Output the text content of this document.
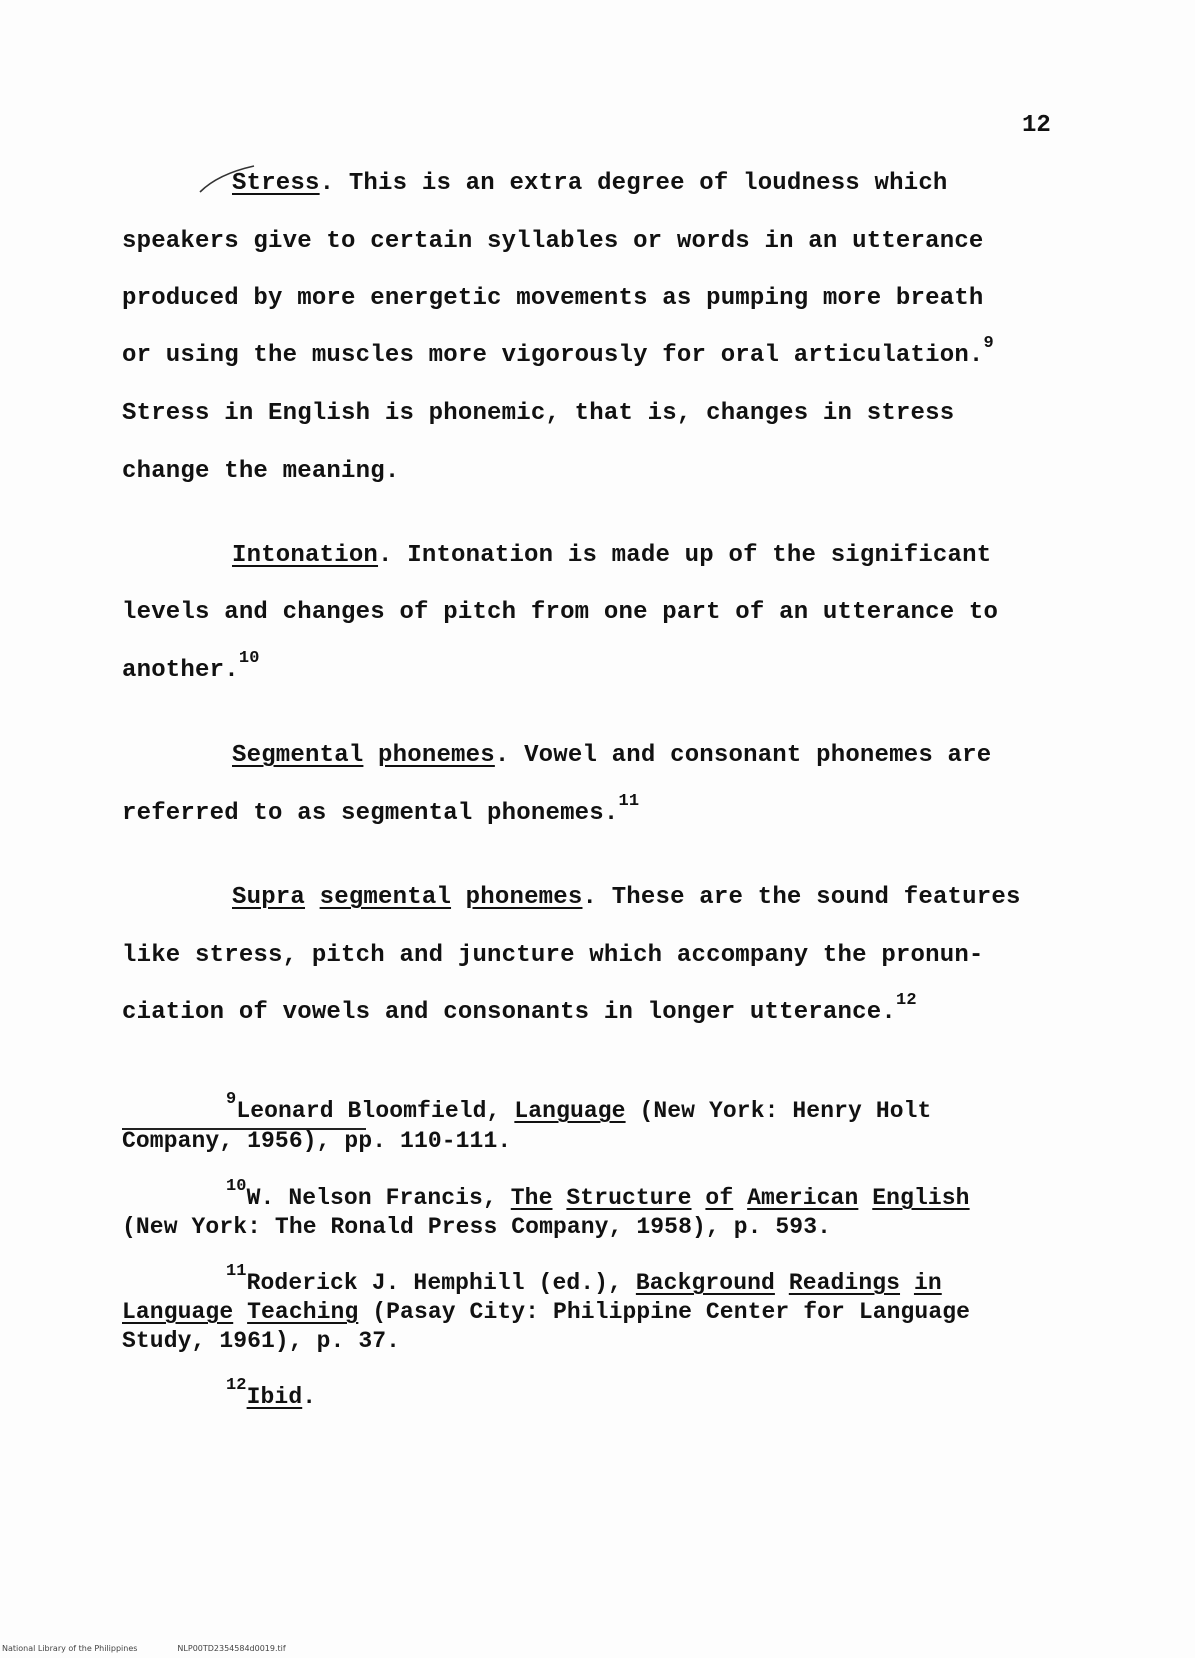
12
Stress. This is an extra degree of loudness which
speakers give to certain syllables or words in an utterance
produced by more energetic movements as pumping more breath
or using the muscles more vigorously for oral articulation.$^9$
Stress in English is phonemic, that is, changes in stress
change the meaning.
Intonation. Intonation is made up of the significant
levels and changes of pitch from one part of an utterance to
another.$^{10}$
Segmental phonemes. Vowel and consonant phonemes are
referred to as segmental phonemes.$^{11}$
Supra segmental phonemes. These are the sound features
like stress, pitch and juncture which accompany the pronun-
ciation of vowels and consonants in longer utterance.$^{12}$
$^9$Leonard Bloomfield, Language (New York: Henry Holt
Company, 1956), pp. 110-111.
$^{10}$W. Nelson Francis, The Structure of American English
(New York: The Ronald Press Company, 1958), p. 593.
$^{11}$Roderick J. Hemphill (ed.), Background Readings in
Language Teaching (Pasay City: Philippine Center for Language
Study, 1961), p. 37.
$^{12}$Ibid.
National Library of the Philippines	NLP00TD2354584d0019.tif
